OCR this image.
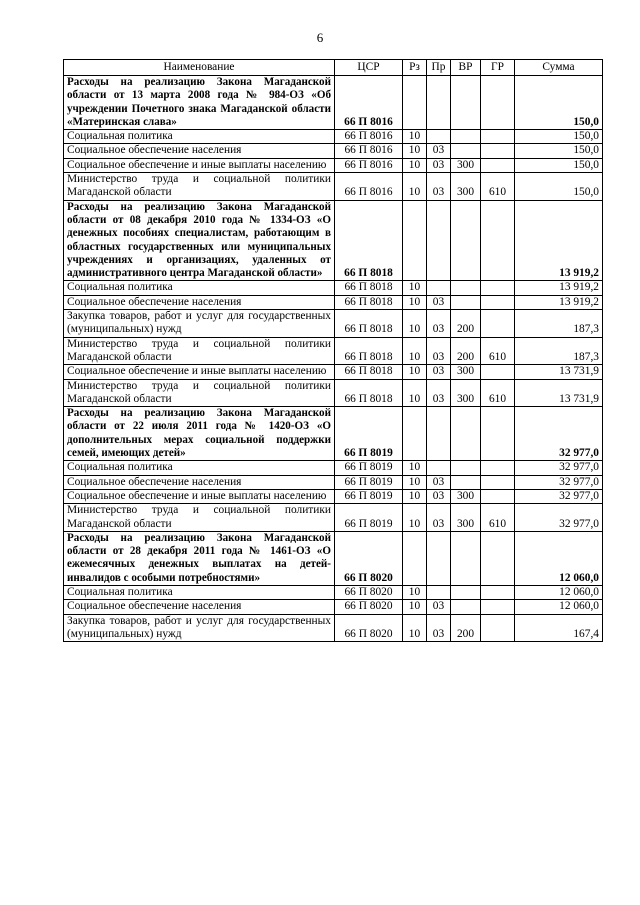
6
Наименование	ЦСР	Рз	Пр	ВР	ГР	Сумма
Расходы на реализацию Закона Магаданской области от 13 марта 2008 года № 984-ОЗ «Об учреждении Почетного знака Магаданской области «Материнская слава»	66 П 8016					150,0
Социальная политика	66 П 8016	10				150,0
Социальное обеспечение населения	66 П 8016	10	03			150,0
Социальное обеспечение и иные выплаты населению	66 П 8016	10	03	300		150,0
Министерство труда и социальной политики Магаданской области	66 П 8016	10	03	300	610	150,0
Расходы на реализацию Закона Магаданской области от 08 декабря 2010 года № 1334-ОЗ «О денежных пособиях специалистам, работающим в областных государственных или муниципальных учреждениях и организациях, удаленных от административного центра Магаданской области»	66 П 8018					13 919,2
Социальная политика	66 П 8018	10				13 919,2
Социальное обеспечение населения	66 П 8018	10	03			13 919,2
Закупка товаров, работ и услуг для государственных (муниципальных) нужд	66 П 8018	10	03	200		187,3
Министерство труда и социальной политики Магаданской области	66 П 8018	10	03	200	610	187,3
Социальное обеспечение и иные выплаты населению	66 П 8018	10	03	300		13 731,9
Министерство труда и социальной политики Магаданской области	66 П 8018	10	03	300	610	13 731,9
Расходы на реализацию Закона Магаданской области от 22 июля 2011 года № 1420-ОЗ «О дополнительных мерах социальной поддержки семей, имеющих детей»	66 П 8019					32 977,0
Социальная политика	66 П 8019	10				32 977,0
Социальное обеспечение населения	66 П 8019	10	03			32 977,0
Социальное обеспечение и иные выплаты населению	66 П 8019	10	03	300		32 977,0
Министерство труда и социальной политики Магаданской области	66 П 8019	10	03	300	610	32 977,0
Расходы на реализацию Закона Магаданской области от 28 декабря 2011 года № 1461-ОЗ «О ежемесячных денежных выплатах на детей-инвалидов с особыми потребностями»	66 П 8020					12 060,0
Социальная политика	66 П 8020	10				12 060,0
Социальное обеспечение населения	66 П 8020	10	03			12 060,0
Закупка товаров, работ и услуг для государственных (муниципальных) нужд	66 П 8020	10	03	200		167,4
